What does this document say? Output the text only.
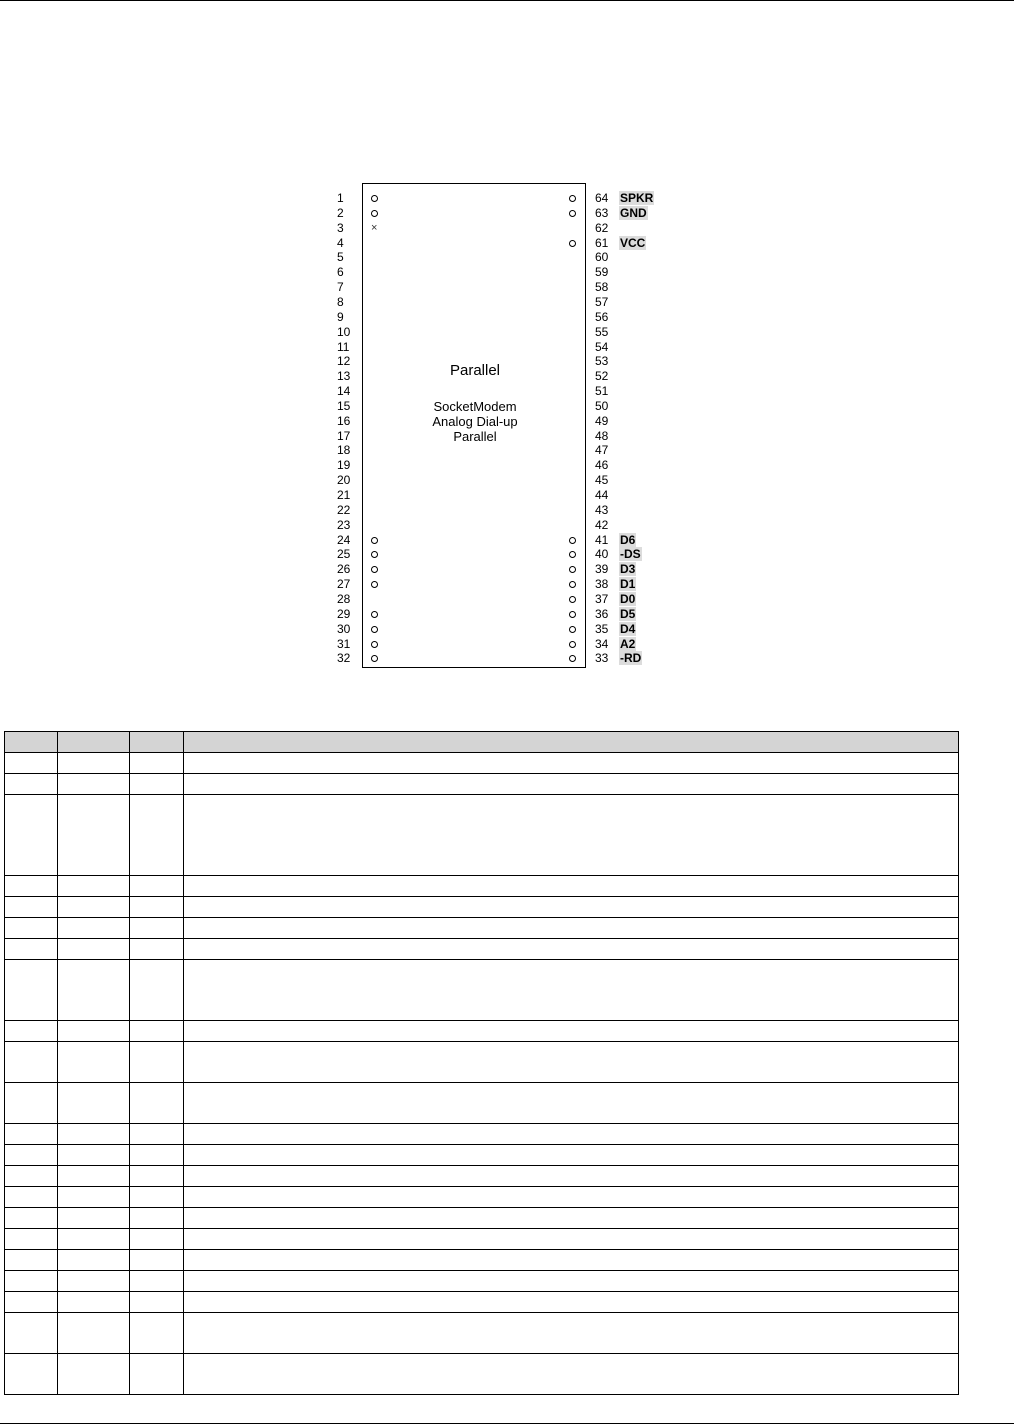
Parallel
SocketModem
Analog Dial-up
Parallel
1
2
3	×
4
5
6
7
8
9
10
11
12
13
14
15
16
17
18
19
20
21
22
23
24
25
26
27
28
29
30
31
32
64 SPKR
63 GND
62
61 VCC
60
59
58
57
56
55
54
53
52
51
50
49
48
47
46
45
44
43
42
41 D6
40 -DS
39 D3
38 D1
37 D0
36 D5
35 D4
34 A2
33 -RD
